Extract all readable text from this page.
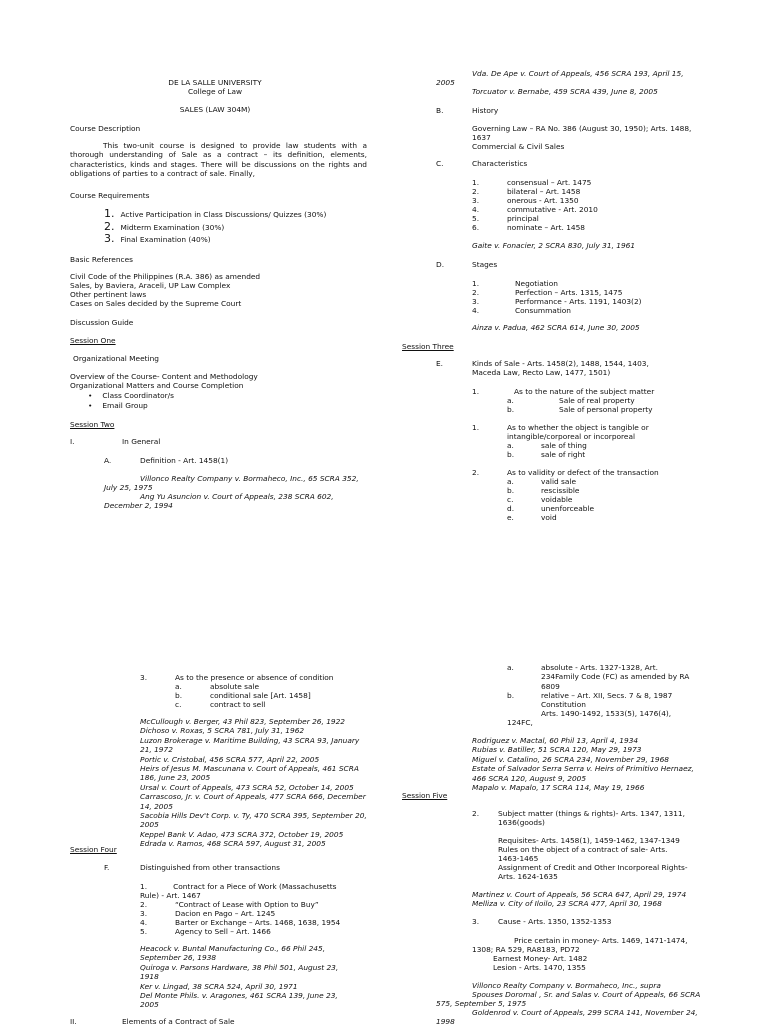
DE LA SALLE UNIVERSITY
College of Law
SALES (LAW 304M)
Course Description
This two-unit course is designed to provide law students with a thorough understanding of Sale as a contract – its definition, elements, characteristics, kinds and stages. There will be discussions on the rights and obligations of parties to a contract of sale. Finally,
Course Requirements
1. Active Participation in Class Discussions/ Quizzes (30%)
2. Midterm Examination (30%)
3. Final Examination (40%)
Basic References
Civil Code of the Philippines (R.A. 386) as amended
Sales, by Baviera, Araceli, UP Law Complex
Other pertinent laws
Cases on Sales decided by the Supreme Court
Discussion Guide
Session One
Organizational Meeting
Overview of the Course- Content and Methodology
Organizational Matters and Course Completion
• Class Coordinator/s
• Email Group
Session Two
I.	In General
A.	Definition - Art. 1458(1)
Villonco Realty Company v. Bormaheco, Inc., 65 SCRA 352, July 25, 1975
Ang Yu Asuncion v. Court of Appeals, 238 SCRA 602, December 2, 1994
Vda. De Ape v. Court of Appeals, 456 SCRA 193, April 15,
2005
Torcuator v. Bernabe, 459 SCRA 439, June 8, 2005
B.	History
Governing Law – RA No. 386 (August 30, 1950); Arts. 1488, 1637
Commercial & Civil Sales
C.	Characteristics
1.	consensual – Art. 1475
2.	bilateral – Art. 1458
3.	onerous - Art. 1350
4.	commutative - Art. 2010
5.	principal
6.	nominate – Art. 1458
Gaite v. Fonacier, 2 SCRA 830, July 31, 1961
D.	Stages
1.	Negotiation
2.	Perfection – Arts. 1315, 1475
3.	Performance - Arts. 1191, 1403(2)
4.	Consummation
Ainza v. Padua, 462 SCRA 614, June 30, 2005
Session Three
E.	Kinds of Sale - Arts. 1458(2), 1488, 1544, 1403, Maceda Law, Recto Law, 1477, 1501)
1.	As to the nature of the subject matter
a.	Sale of real property
b.	Sale of personal property
1.	As to whether the object is tangible or intangible/corporeal or incorporeal
a.	sale of thing
b.	sale of right
2.	As to validity or defect of the transaction
a.	valid sale
b.	rescissible
c.	voidable
d.	unenforceable
e.	void
3.	As to the presence or absence of condition
a.	absolute sale
b.	conditional sale [Art. 1458]
c.	contract to sell
McCullough v. Berger, 43 Phil 823, September 26, 1922
Dichoso v. Roxas, 5 SCRA 781, July 31, 1962
Luzon Brokerage v. Maritime Building, 43 SCRA 93, January 21, 1972
Portic v. Cristobal, 456 SCRA 577, April 22, 2005
Heirs of Jesus M. Mascunana v. Court of Appeals, 461 SCRA 186, June 23, 2005
Ursal v. Court of Appeals, 473 SCRA 52, October 14, 2005
Carrascoso, Jr. v. Court of Appeals, 477 SCRA 666, December 14, 2005
Sacobia Hills Dev't Corp. v. Ty, 470 SCRA 395, September 20, 2005
Keppel Bank V. Adao, 473 SCRA 372, October 19, 2005
Edrada v. Ramos, 468 SCRA 597, August 31, 2005
Session Four
F.	Distinguished from other transactions
1.	Contract for a Piece of Work (Massachusetts Rule) - Art. 1467
2.	“Contract of Lease with Option to Buy”
3.	Dacion en Pago – Art. 1245
4.	Barter or Exchange – Arts. 1468, 1638, 1954
5.	Agency to Sell – Art. 1466
Heacock v. Buntal Manufacturing Co., 66 Phil 245, September 26, 1938
Quiroga v. Parsons Hardware, 38 Phil 501, August 23, 1918
Ker v. Lingad, 38 SCRA 524, April 30, 1971
Del Monte Phils. v. Aragones, 461 SCRA 139, June 23, 2005
II.	Elements of a Contract of Sale
a.	absolute - Arts. 1327-1328, Art. 234Family Code (FC) as amended by RA 6809
b.	relative – Art. XII, Secs. 7 & 8, 1987 Constitution
Arts. 1490-1492, 1533(5), 1476(4),
124FC,
Rodriguez v. Mactal, 60 Phil 13, April 4, 1934
Rubias v. Batiller, 51 SCRA 120, May 29, 1973
Miguel v. Catalino, 26 SCRA 234, November 29, 1968
Estate of Salvador Serra Serra v. Heirs of Primitivo Hernaez, 466 SCRA 120, August 9, 2005
Mapalo v. Mapalo, 17 SCRA 114, May 19, 1966
Session Five
2.	Subject matter (things & rights)- Arts. 1347, 1311, 1636(goods)
Requisites- Arts. 1458(1), 1459-1462, 1347-1349
Rules on the object of a contract of sale- Arts. 1463-1465
Assignment of Credit and Other Incorporeal Rights- Arts. 1624-1635
Martinez v. Court of Appeals, 56 SCRA 647, April 29, 1974
Melliza v. City of Iloilo, 23 SCRA 477, April 30, 1968
3.	Cause - Arts. 1350, 1352-1353
Price certain in money- Arts. 1469, 1471-1474, 1308; RA 529, RA8183, PD72
Earnest Money- Art. 1482
Lesion - Arts. 1470, 1355
Villonco Realty Company v. Bormaheco, Inc., supra
Spouses Doromal , Sr. and Salas v. Court of Appeals, 66 SCRA 575, September 5, 1975
Goldenrod v. Court of Appeals, 299 SCRA 141, November 24, 1998
